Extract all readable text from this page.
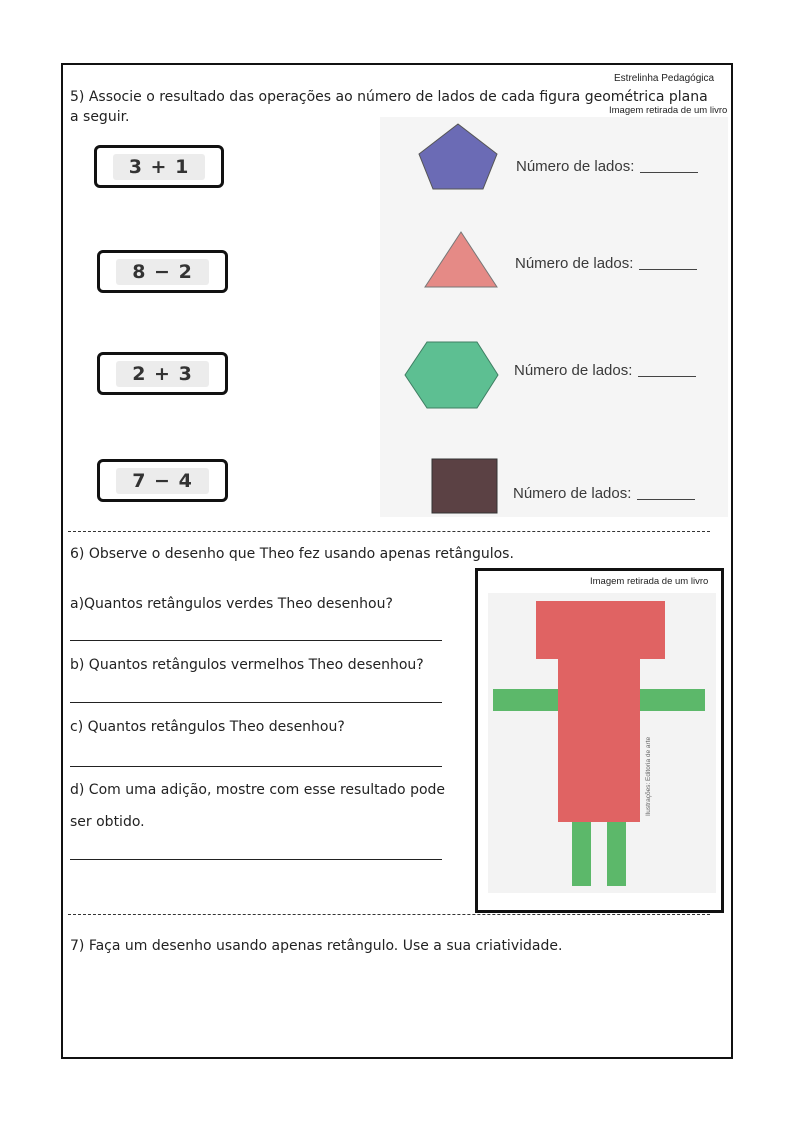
Estrelinha Pedagógica
Imagem retirada de um livro
5) Associe o resultado das operações ao número de lados de cada figura geométrica plana
a seguir.
3 + 1
8 − 2
2 + 3
7 − 4
Número de lados:
Número de lados:
Número de lados:
Número de lados:
6) Observe o desenho que Theo fez usando apenas retângulos.
a)Quantos retângulos verdes Theo desenhou?
b) Quantos retângulos vermelhos Theo desenhou?
c) Quantos retângulos Theo desenhou?
d) Com uma adição, mostre com esse resultado pode
ser obtido.
Imagem retirada de um livro
Ilustrações: Editoria de arte
7) Faça um desenho usando apenas retângulo. Use a sua criatividade.
